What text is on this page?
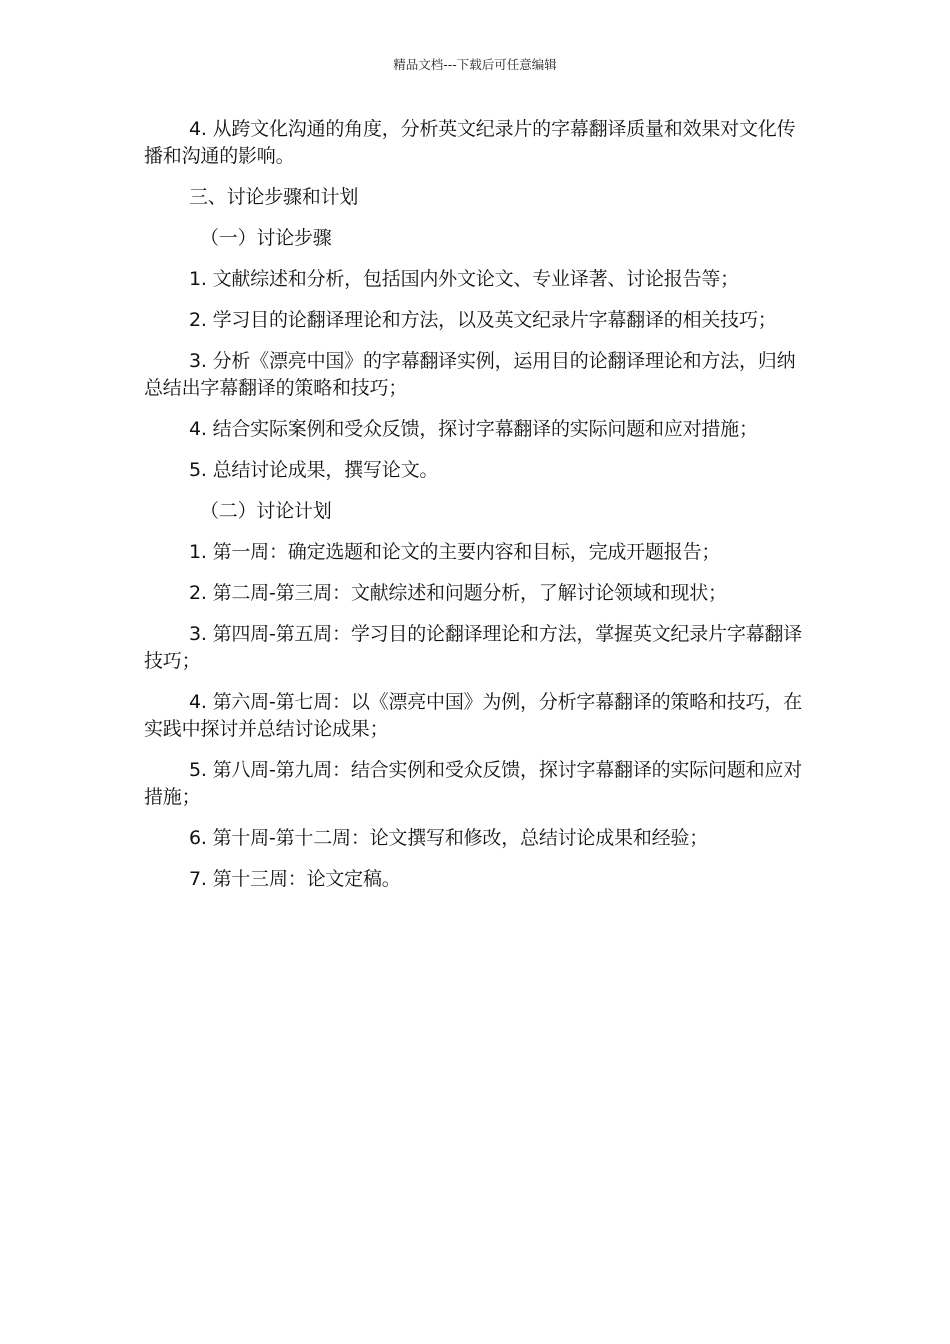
精品文档---下载后可任意编辑

4. 从跨文化沟通的角度，分析英文纪录片的字幕翻译质量和效果对文化传播和沟通的影响。

三、讨论步骤和计划

（一）讨论步骤

1. 文献综述和分析，包括国内外文论文、专业译著、讨论报告等；

2. 学习目的论翻译理论和方法，以及英文纪录片字幕翻译的相关技巧；

3. 分析《漂亮中国》的字幕翻译实例，运用目的论翻译理论和方法，归纳总结出字幕翻译的策略和技巧；

4. 结合实际案例和受众反馈，探讨字幕翻译的实际问题和应对措施；

5. 总结讨论成果，撰写论文。

（二）讨论计划

1. 第一周：确定选题和论文的主要内容和目标，完成开题报告；

2. 第二周-第三周：文献综述和问题分析，了解讨论领域和现状；

3. 第四周-第五周：学习目的论翻译理论和方法，掌握英文纪录片字幕翻译技巧；

4. 第六周-第七周：以《漂亮中国》为例，分析字幕翻译的策略和技巧，在实践中探讨并总结讨论成果；

5. 第八周-第九周：结合实例和受众反馈，探讨字幕翻译的实际问题和应对措施；

6. 第十周-第十二周：论文撰写和修改，总结讨论成果和经验；

7. 第十三周：论文定稿。
